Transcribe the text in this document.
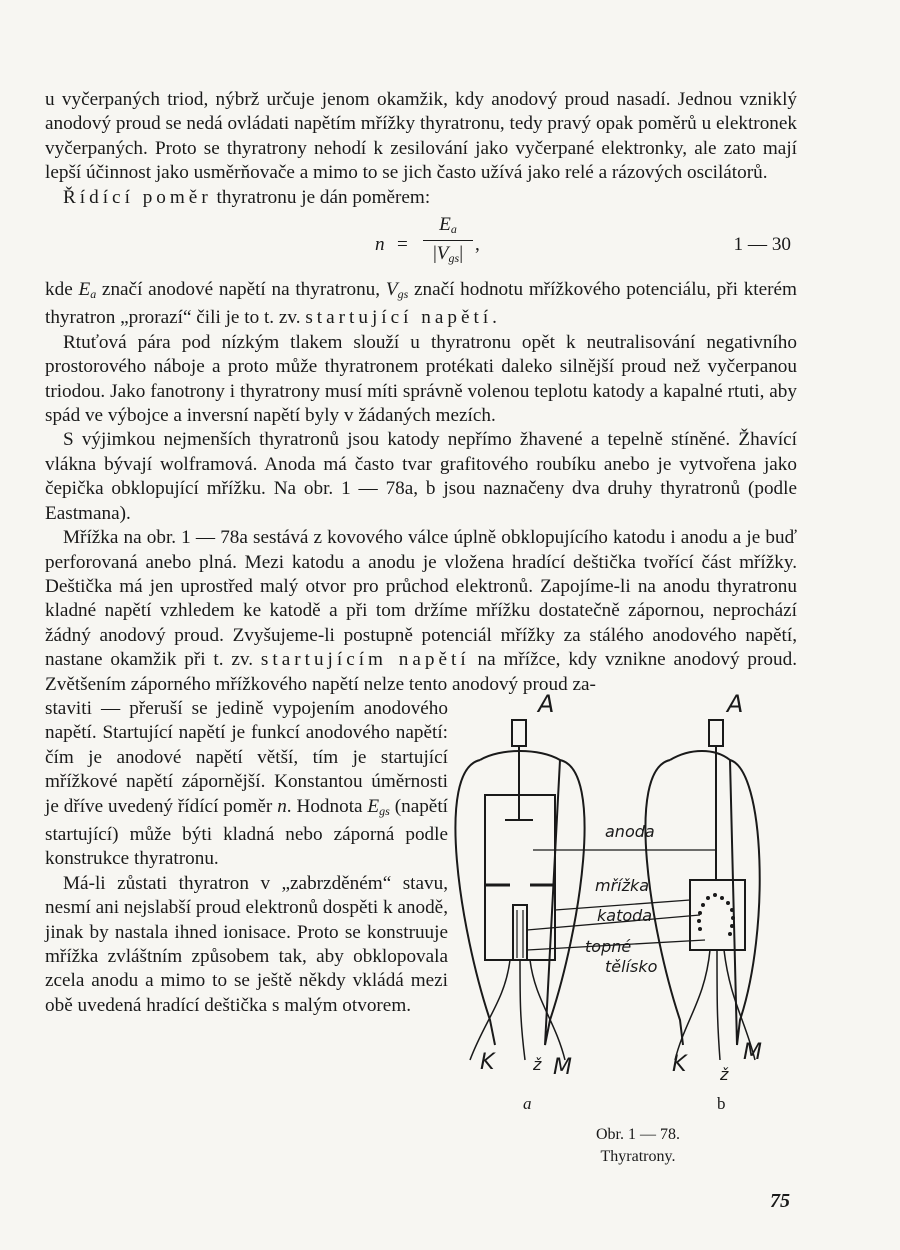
u vyčerpaných triod, nýbrž určuje jenom okamžik, kdy anodový proud nasadí. Jednou vzniklý anodový proud se nedá ovládati napětím mřížky thyratronu, tedy pravý opak poměrů u elektronek vyčerpaných. Proto se thyratrony nehodí k zesilování jako vyčerpané elektronky, ale zato mají lepší účinnost jako usměrňovače a mimo to se jich často užívá jako relé a rázových oscilátorů.

Řídící poměr thyratronu je dán poměrem:

n =
$E_a$
$|V_{gs}|$ ,	1 — 30

kde $E_a$ značí anodové napětí na thyratronu, $V_{gs}$ značí hodnotu mřížkového potenciálu, při kterém thyratron „prorazí“ čili je to t. zv. startující napětí.

Rtuťová pára pod nízkým tlakem slouží u thyratronu opět k neutralisování negativního prostorového náboje a proto může thyratronem protékati daleko silnější proud než vyčerpanou triodou. Jako fanotrony i thyratrony musí míti správně volenou teplotu katody a kapalné rtuti, aby spád ve výbojce a inversní napětí byly v žádaných mezích.

S výjimkou nejmenších thyratronů jsou katody nepřímo žhavené a tepelně stíněné. Žhavící vlákna bývají wolframová. Anoda má často tvar grafitového roubíku anebo je vytvořena jako čepička obklopující mřížku. Na obr. 1 — 78a, b jsou naznačeny dva druhy thyratronů (podle Eastmana).

Mřížka na obr. 1 — 78a sestává z kovového válce úplně obklopujícího katodu i anodu a je buď perforovaná anebo plná. Mezi katodu a anodu je vložena hradící deštička tvořící část mřížky. Deštička má jen uprostřed malý otvor pro průchod elektronů. Zapojíme-li na anodu thyratronu kladné napětí vzhledem ke katodě a při tom držíme mřížku dostatečně zápornou, neprochází žádný anodový proud. Zvyšujeme-li postupně potenciál mřížky za stálého anodového napětí, nastane okamžik při t. zv. startujícím napětí na mřížce, kdy vznikne anodový proud. Zvětšením záporného mřížkového napětí nelze tento anodový proud za-

staviti — přeruší se jedině vypojením anodového napětí. Startující napětí je funkcí anodového napětí: čím je anodové napětí větší, tím je startující mřížkové napětí zápornější. Konstantou úměrnosti je dříve uvedený řídící poměr n. Hodnota $E_{gs}$ (napětí startující) může býti kladná nebo záporná podle konstrukce thyratronu.

Má-li zůstati thyratron v „zabrzděném“ stavu, nesmí ani nejslabší proud elektronů dospěti k anodě, jinak by nastala ihned ionisace. Proto se konstruuje mřížka zvláštním způsobem tak, aby obklopovala zcela anodu a mimo to se ještě někdy vkládá mezi obě uvedená hradící deštička s malým otvorem.

A	A
anoda
mřížka
katoda
topné
tělísko
K ž M	K ž
M
a	b
Obr. 1 — 78.
Thyratrony.
75
